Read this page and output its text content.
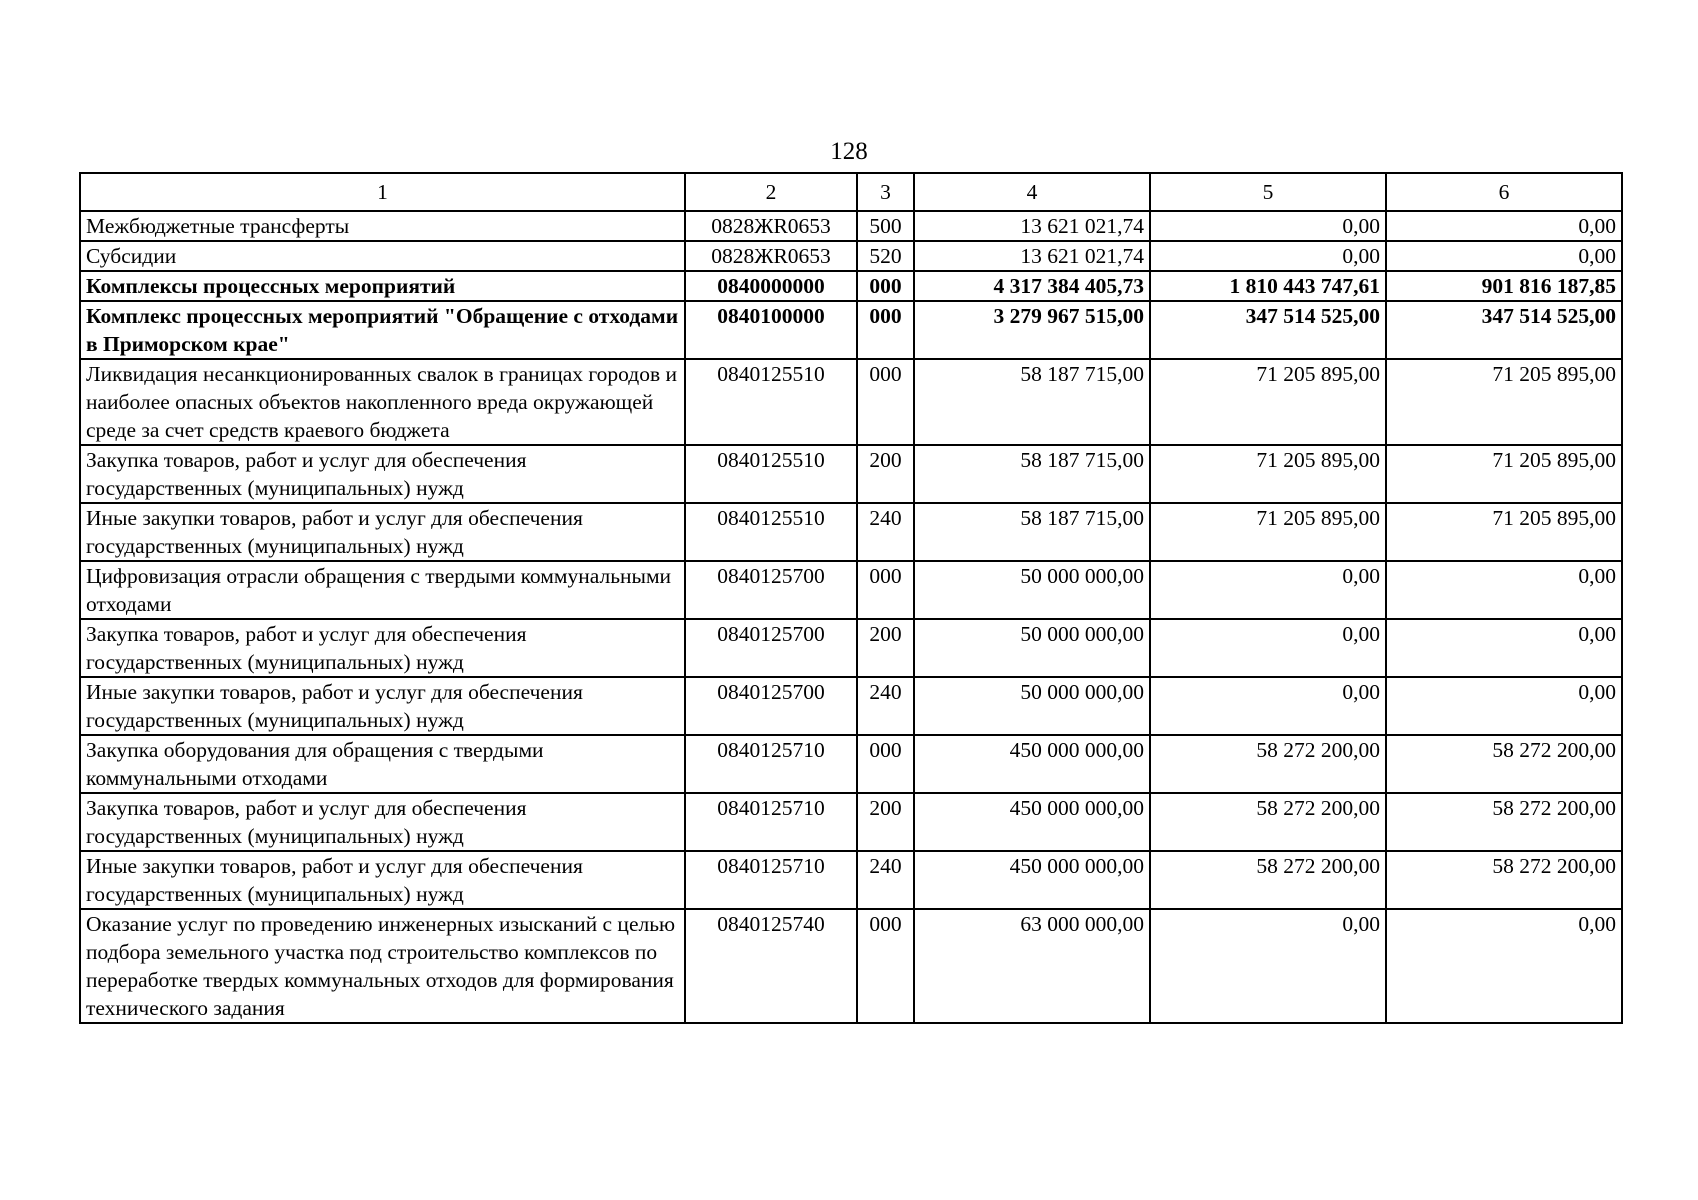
128
1	2	3	4	5	6
Межбюджетные трансферты	0828ЖR0653	500	13 621 021,74	0,00	0,00
Субсидии	0828ЖR0653	520	13 621 021,74	0,00	0,00
Комплексы процессных мероприятий	0840000000	000	4 317 384 405,73	1 810 443 747,61	901 816 187,85
Комплекс процессных мероприятий "Обращение с отходами в Приморском крае"	0840100000	000	3 279 967 515,00	347 514 525,00	347 514 525,00
Ликвидация несанкционированных свалок в границах городов и наиболее опасных объектов накопленного вреда окружающей среде за счет средств краевого бюджета	0840125510	000	58 187 715,00	71 205 895,00	71 205 895,00
Закупка товаров, работ и услуг для обеспечения государственных (муниципальных) нужд	0840125510	200	58 187 715,00	71 205 895,00	71 205 895,00
Иные закупки товаров, работ и услуг для обеспечения государственных (муниципальных) нужд	0840125510	240	58 187 715,00	71 205 895,00	71 205 895,00
Цифровизация отрасли обращения с твердыми коммунальными отходами	0840125700	000	50 000 000,00	0,00	0,00
Закупка товаров, работ и услуг для обеспечения государственных (муниципальных) нужд	0840125700	200	50 000 000,00	0,00	0,00
Иные закупки товаров, работ и услуг для обеспечения государственных (муниципальных) нужд	0840125700	240	50 000 000,00	0,00	0,00
Закупка оборудования для обращения с твердыми коммунальными отходами	0840125710	000	450 000 000,00	58 272 200,00	58 272 200,00
Закупка товаров, работ и услуг для обеспечения государственных (муниципальных) нужд	0840125710	200	450 000 000,00	58 272 200,00	58 272 200,00
Иные закупки товаров, работ и услуг для обеспечения государственных (муниципальных) нужд	0840125710	240	450 000 000,00	58 272 200,00	58 272 200,00
Оказание услуг по проведению инженерных изысканий с целью подбора земельного участка под строительство комплексов по переработке твердых коммунальных отходов для формирования технического задания	0840125740	000	63 000 000,00	0,00	0,00
